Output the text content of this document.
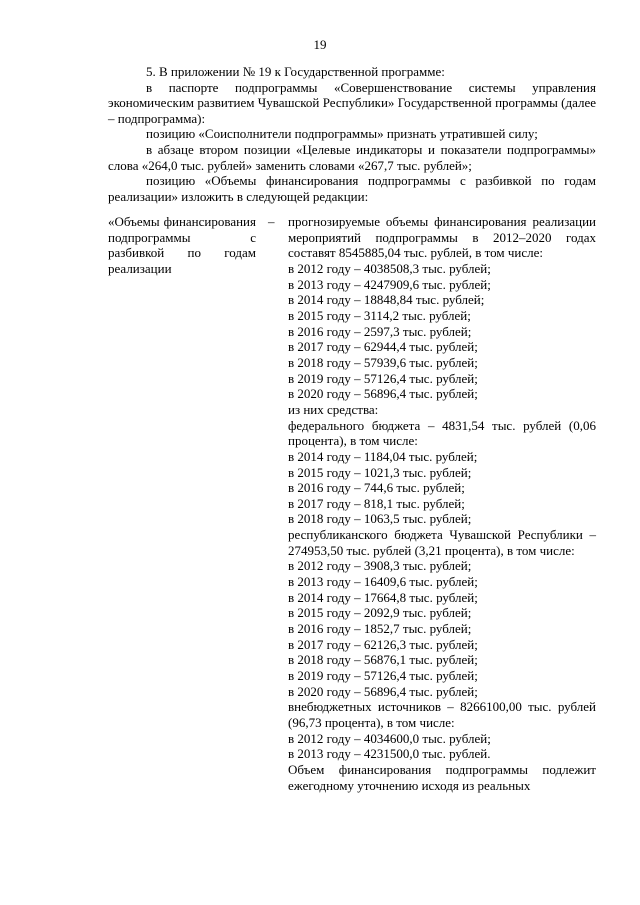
19

5. В приложении № 19 к Государственной программе:

в паспорте подпрограммы «Совершенствование системы управления экономическим развитием Чувашской Республики» Государственной программы (далее – подпрограмма):

позицию «Соисполнители подпрограммы» признать утратившей силу;

в абзаце втором позиции «Целевые индикаторы и показатели подпрограммы» слова «264,0 тыс. рублей» заменить словами «267,7 тыс. рублей»;

позицию «Объемы финансирования подпрограммы с разбивкой по годам реализации» изложить в следующей редакции:

«Объемы финансирования подпрограммы с разбивкой по годам реализации
–	прогнозируемые объемы финансирования реализации мероприятий подпрограммы в 2012–2020 годах составят 8545885,04 тыс. рублей, в том числе:
в 2012 году – 4038508,3 тыс. рублей;
в 2013 году – 4247909,6 тыс. рублей;
в 2014 году – 18848,84 тыс. рублей;
в 2015 году – 3114,2 тыс. рублей;
в 2016 году – 2597,3 тыс. рублей;
в 2017 году – 62944,4 тыс. рублей;
в 2018 году – 57939,6 тыс. рублей;
в 2019 году – 57126,4 тыс. рублей;
в 2020 году – 56896,4 тыс. рублей;
из них средства:
федерального бюджета – 4831,54 тыс. рублей (0,06 процента), в том числе:
в 2014 году – 1184,04 тыс. рублей;
в 2015 году – 1021,3 тыс. рублей;
в 2016 году – 744,6 тыс. рублей;
в 2017 году – 818,1 тыс. рублей;
в 2018 году – 1063,5 тыс. рублей;
республиканского бюджета Чувашской Республики – 274953,50 тыс. рублей (3,21 процента), в том числе:
в 2012 году – 3908,3 тыс. рублей;
в 2013 году – 16409,6 тыс. рублей;
в 2014 году – 17664,8 тыс. рублей;
в 2015 году – 2092,9 тыс. рублей;
в 2016 году – 1852,7 тыс. рублей;
в 2017 году – 62126,3 тыс. рублей;
в 2018 году – 56876,1 тыс. рублей;
в 2019 году – 57126,4 тыс. рублей;
в 2020 году – 56896,4 тыс. рублей;
внебюджетных источников – 8266100,00 тыс. рублей (96,73 процента), в том числе:
в 2012 году – 4034600,0 тыс. рублей;
в 2013 году – 4231500,0 тыс. рублей.
Объем финансирования подпрограммы подлежит ежегодному уточнению исходя из реальных
